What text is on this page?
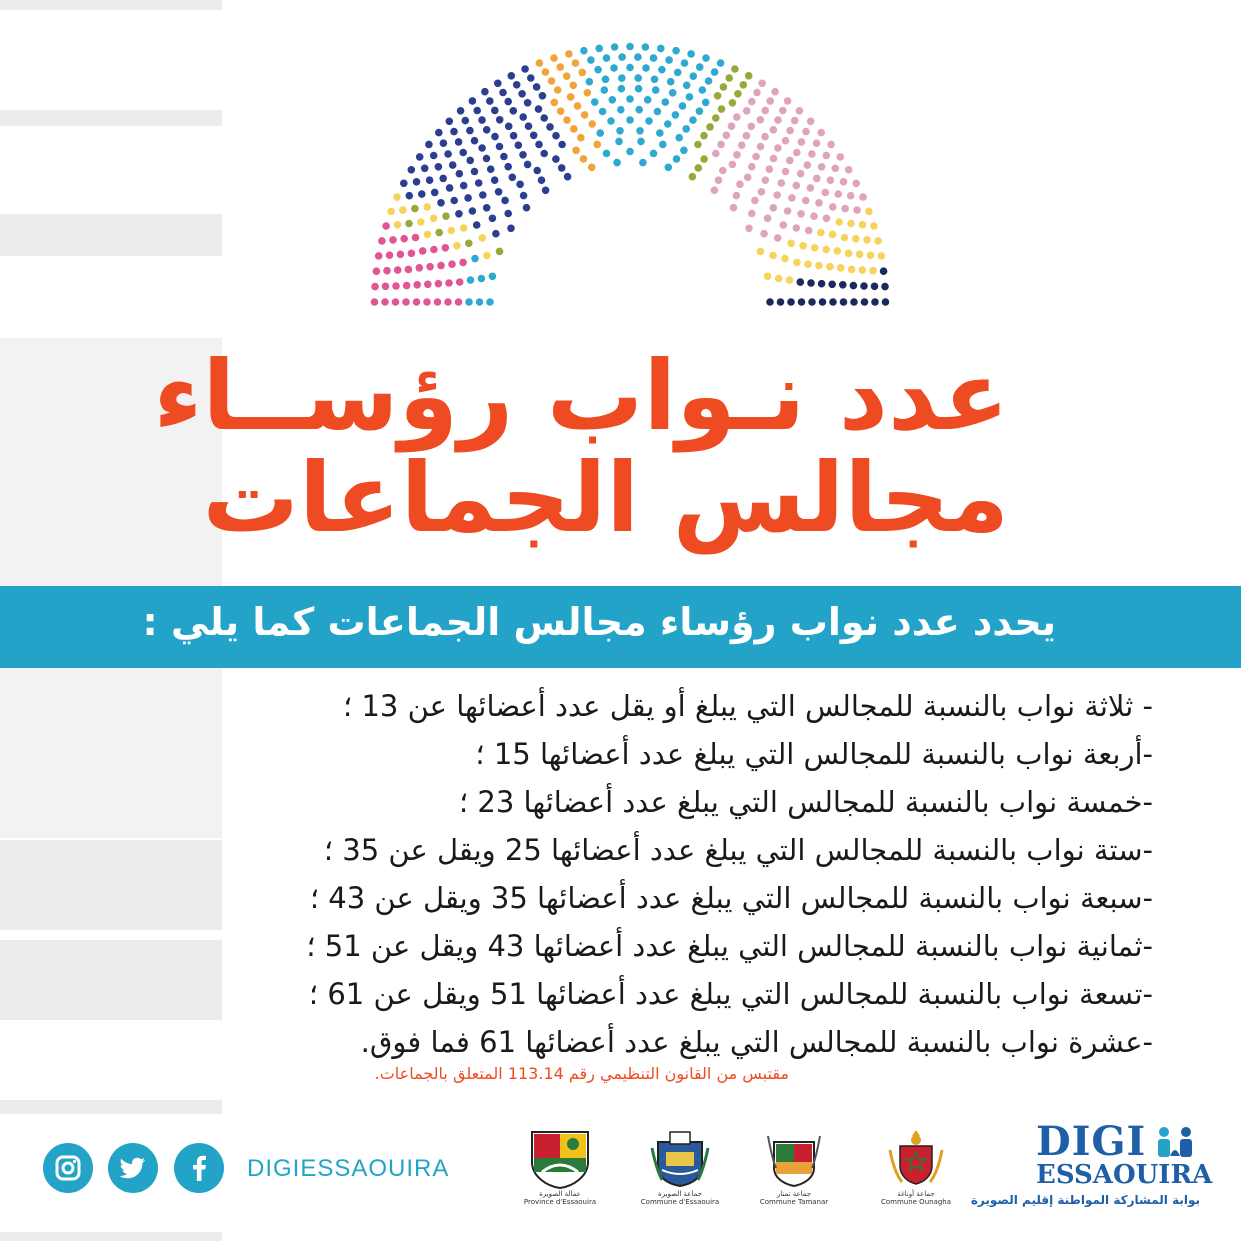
عدد نـواب رؤســاء
مجالس الجماعات
يحدد عدد نواب رؤساء مجالس الجماعات كما يلي :
- ثلاثة نواب بالنسبة للمجالس التي يبلغ أو يقل عدد أعضائها عن 13 ؛
-أربعة نواب بالنسبة للمجالس التي يبلغ عدد أعضائها 15 ؛
-خمسة نواب بالنسبة للمجالس التي يبلغ عدد أعضائها 23 ؛
-ستة نواب بالنسبة للمجالس التي يبلغ عدد أعضائها 25 ويقل عن 35 ؛
-سبعة نواب بالنسبة للمجالس التي يبلغ عدد أعضائها 35 ويقل عن 43 ؛
-ثمانية نواب بالنسبة للمجالس التي يبلغ عدد أعضائها 43 ويقل عن 51 ؛
-تسعة نواب بالنسبة للمجالس التي يبلغ عدد أعضائها 51 ويقل عن 61 ؛
-عشرة نواب بالنسبة للمجالس التي يبلغ عدد أعضائها 61 فما فوق.
مقتبس من القانون التنظيمي رقم 113.14 المتعلق بالجماعات.
DIGIESSAOUIRA
عمالة الصويرة
Province d'Essaouira
جماعة الصويرة
Commune d'Essaouira
جماعة تمنار
Commune Tamanar
جماعة أوناغة
Commune Ounagha
DIGI
ESSAOUIRA
بوابة المشاركة المواطنة إقليم الصويرة
